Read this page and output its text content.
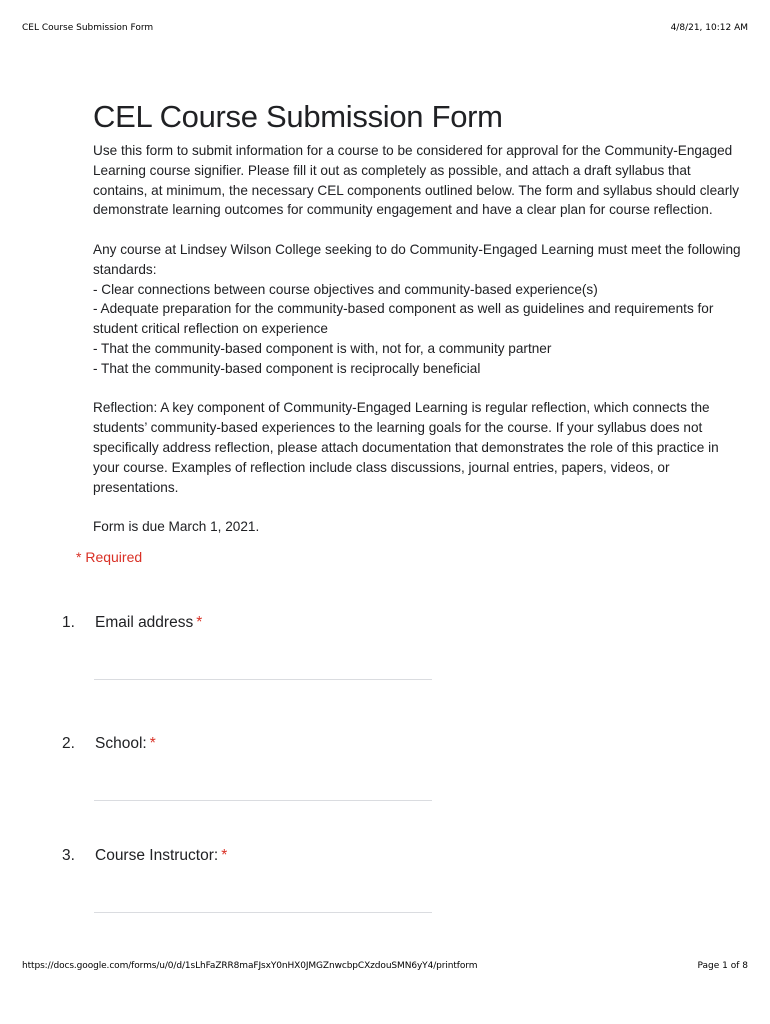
CEL Course Submission Form	4/8/21, 10:12 AM
CEL Course Submission Form

Use this form to submit information for a course to be considered for approval for the Community-Engaged

Learning course signifier. Please fill it out as completely as possible, and attach a draft syllabus that

contains, at minimum, the necessary CEL components outlined below. The form and syllabus should clearly

demonstrate learning outcomes for community engagement and have a clear plan for course reflection.

Any course at Lindsey Wilson College seeking to do Community-Engaged Learning must meet the following

standards:

- Clear connections between course objectives and community-based experience(s)

- Adequate preparation for the community-based component as well as guidelines and requirements for

student critical reflection on experience

- That the community-based component is with, not for, a community partner

- That the community-based component is reciprocally beneficial

Reflection: A key component of Community-Engaged Learning is regular reflection, which connects the

students’ community-based experiences to the learning goals for the course. If your syllabus does not

specifically address reflection, please attach documentation that demonstrates the role of this practice in

your course. Examples of reflection include class discussions, journal entries, papers, videos, or

presentations.

Form is due March 1, 2021.

* Required
1. Email address *
2. School: *
3. Course Instructor: *
https://docs.google.com/forms/u/0/d/1sLhFaZRR8maFJsxY0nHX0JMGZnwcbpCXzdouSMN6yY4/printform	Page 1 of 8
